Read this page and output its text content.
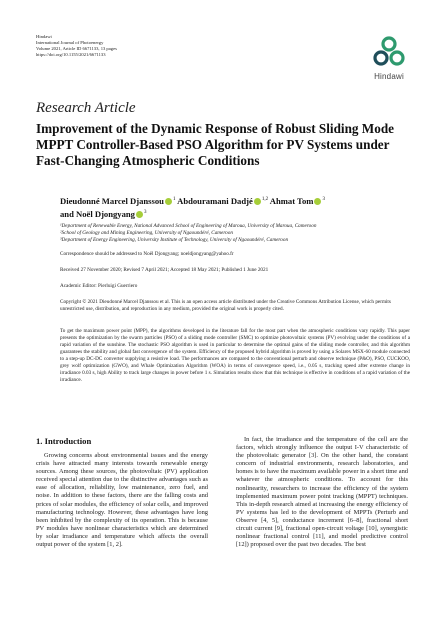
Hindawi
International Journal of Photoenergy
Volume 2021, Article ID 6671133, 13 pages
https://doi.org/10.1155/2021/6671133
Hindawi
Research Article
Improvement of the Dynamic Response of Robust Sliding Mode MPPT Controller-Based PSO Algorithm for PV Systems under Fast-Changing Atmospheric Conditions
Dieudonné Marcel Djanssou $^1$ Abdouramani Dadjé $^{1,2}$ Ahmat Tom $^3$
and Noël Djongyang $^3$
¹Department of Renewable Energy, National Advanced School of Engineering of Maroua, University of Maroua, Cameroon
²School of Geology and Mining Engineering, University of Ngaoundéré, Cameroon
³Department of Energy Engineering, University Institute of Technology, University of Ngaoundéré, Cameroon
Correspondence should be addressed to Noël Djongyang; noeldjongyang@yahoo.fr
Received 27 November 2020; Revised 7 April 2021; Accepted 18 May 2021; Published 1 June 2021
Academic Editor: Pierluigi Guerriero
Copyright © 2021 Dieudonné Marcel Djanssou et al. This is an open access article distributed under the Creative Commons Attribution License, which permits unrestricted use, distribution, and reproduction in any medium, provided the original work is properly cited.
To get the maximum power point (MPP), the algorithms developed in the literature fall for the most part when the atmospheric conditions vary rapidly. This paper presents the optimization by the swarm particles (PSO) of a sliding mode controller (SMC) to optimize photovoltaic systems (PV) evolving under the conditions of a rapid variation of the sunshine. The stochastic PSO algorithm is used in particular to determine the optimal gains of the sliding mode controller, and this algorithm guarantees the stability and global fast convergence of the system. Efficiency of the proposed hybrid algorithm is proved by using a Solarex MSX-60 module connected to a step-up DC-DC converter supplying a resistive load. The performances are compared to the conventional perturb and observe technique (P&O), PSO, CUCKOO, grey wolf optimization (GWO), and Whale Optimization Algorithm (WOA) in terms of convergence speed, i.e., 0.05 s, tracking speed after extreme change in irradiance 0.03 s, high Ability to track large changes in power before 1 s. Simulation results show that this technique is effective in conditions of a rapid variation of the irradiance.
1. Introduction

Growing concerns about environmental issues and the energy crisis have attracted many interests towards renewable energy sources. Among these sources, the photovoltaic (PV) application received special attention due to the distinctive advantages such as ease of allocation, reliability, low maintenance, zero fuel, and noise. In addition to these factors, there are the falling costs and prices of solar modules, the efficiency of solar cells, and improved manufacturing technology. However, these advantages have long been inhibited by the complexity of its operation. This is because PV modules have nonlinear characteristics which are determined by solar irradiance and temperature which affects the overall output power of the system [1, 2].

In fact, the irradiance and the temperature of the cell are the factors, which strongly influence the output I-V characteristic of the photovoltaic generator [3]. On the other hand, the constant concern of industrial environments, research laboratories, and homes is to have the maximum available power in a short time and whatever the atmospheric conditions. To account for this nonlinearity, researchers to increase the efficiency of the system implemented maximum power point tracking (MPPT) techniques. This in-depth research aimed at increasing the energy efficiency of PV systems has led to the development of MPPTs (Perturb and Observe [4, 5], conductance increment [6–8], fractional short circuit current [9], fractional open-circuit voltage [10], synergistic nonlinear fractional control [11], and model predictive control [12]) proposed over the past two decades. The best
